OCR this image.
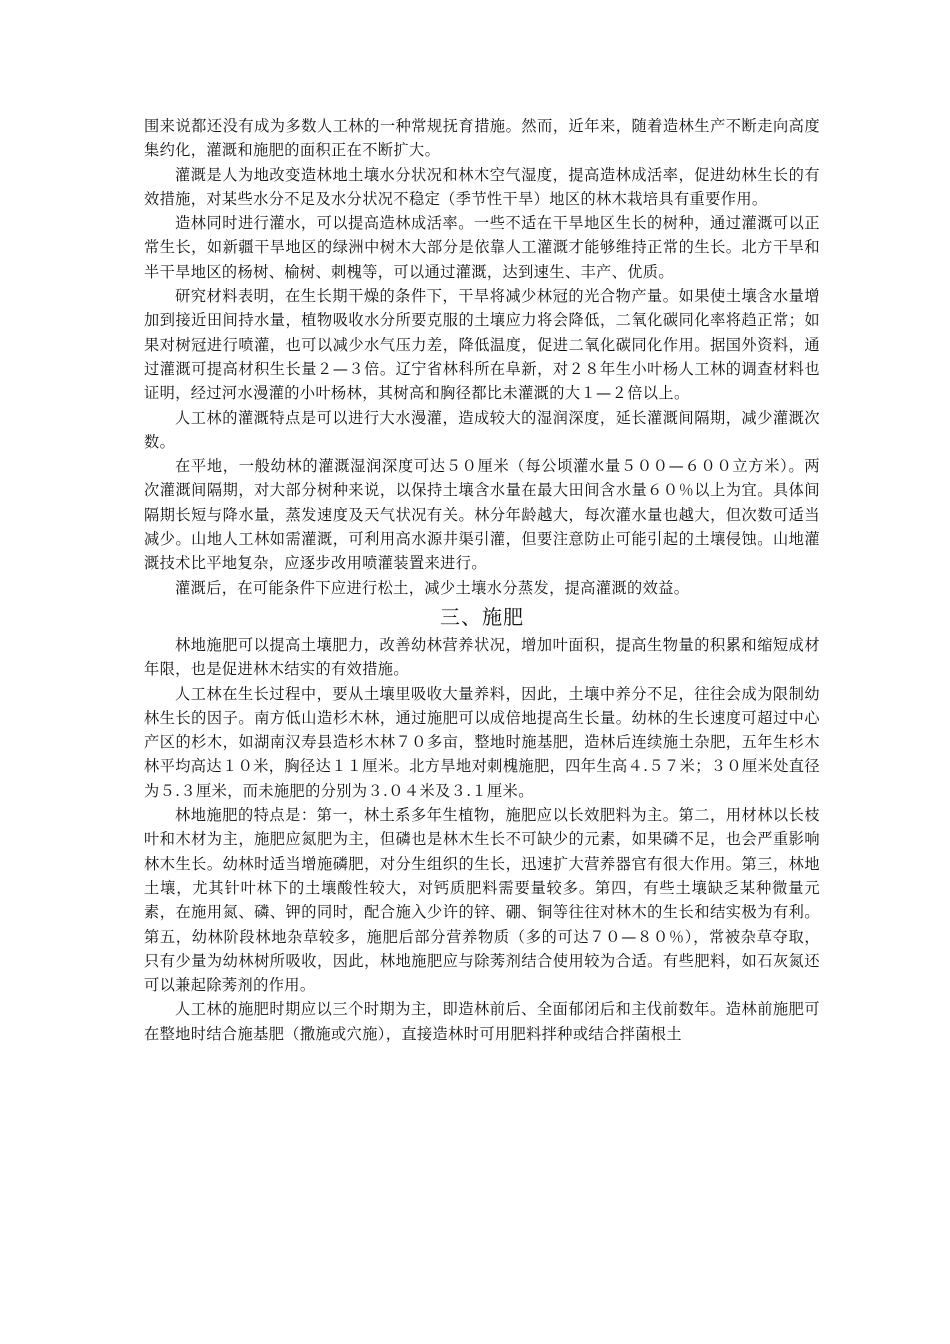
围来说都还没有成为多数人工林的一种常规抚育措施。然而，近年来，随着造林生产不断走向高度集约化，灌溉和施肥的面积正在不断扩大。

灌溉是人为地改变造林地土壤水分状况和林木空气湿度，提高造林成活率，促进幼林生长的有效措施，对某些水分不足及水分状况不稳定（季节性干旱）地区的林木栽培具有重要作用。

造林同时进行灌水，可以提高造林成活率。一些不适在干旱地区生长的树种，通过灌溉可以正常生长，如新疆干旱地区的绿洲中树木大部分是依靠人工灌溉才能够维持正常的生长。北方干旱和半干旱地区的杨树、榆树、刺槐等，可以通过灌溉，达到速生、丰产、优质。

研究材料表明，在生长期干燥的条件下，干旱将减少林冠的光合物产量。如果使土壤含水量增加到接近田间持水量，植物吸收水分所要克服的土壤应力将会降低，二氧化碳同化率将趋正常；如果对树冠进行喷灌，也可以减少水气压力差，降低温度，促进二氧化碳同化作用。据国外资料，通过灌溉可提高材积生长量２—３倍。辽宁省林科所在阜新，对２８年生小叶杨人工林的调查材料也证明，经过河水漫灌的小叶杨林，其树高和胸径都比未灌溉的大１—２倍以上。

人工林的灌溉特点是可以进行大水漫灌，造成较大的湿润深度，延长灌溉间隔期，减少灌溉次数。

在平地，一般幼林的灌溉湿润深度可达５０厘米（每公顷灌水量５００—６００立方米）。两次灌溉间隔期，对大部分树种来说，以保持土壤含水量在最大田间含水量６０％以上为宜。具体间隔期长短与降水量，蒸发速度及天气状况有关。林分年龄越大，每次灌水量也越大，但次数可适当减少。山地人工林如需灌溉，可利用高水源井渠引灌，但要注意防止可能引起的土壤侵蚀。山地灌溉技术比平地复杂，应逐步改用喷灌装置来进行。

灌溉后，在可能条件下应进行松土，减少土壤水分蒸发，提高灌溉的效益。

三、施肥

林地施肥可以提高土壤肥力，改善幼林营养状况，增加叶面积，提高生物量的积累和缩短成材年限，也是促进林木结实的有效措施。

人工林在生长过程中，要从土壤里吸收大量养料，因此，土壤中养分不足，往往会成为限制幼林生长的因子。南方低山造杉木林，通过施肥可以成倍地提高生长量。幼林的生长速度可超过中心产区的杉木，如湖南汉寿县造杉木林７０多亩，整地时施基肥，造林后连续施土杂肥，五年生杉木林平均高达１０米，胸径达１１厘米。北方旱地对刺槐施肥，四年生高４.５７米；３０厘米处直径为５.３厘米，而未施肥的分别为３.０４米及３.１厘米。

林地施肥的特点是：第一，林土系多年生植物，施肥应以长效肥料为主。第二，用材林以长枝叶和木材为主，施肥应氮肥为主，但磷也是林木生长不可缺少的元素，如果磷不足，也会严重影响林木生长。幼林时适当增施磷肥，对分生组织的生长，迅速扩大营养器官有很大作用。第三，林地土壤，尤其针叶林下的土壤酸性较大，对钙质肥料需要量较多。第四，有些土壤缺乏某种微量元素，在施用氮、磷、钾的同时，配合施入少许的锌、硼、铜等往往对林木的生长和结实极为有利。第五，幼林阶段林地杂草较多，施肥后部分营养物质（多的可达７０—８０％），常被杂草夺取，只有少量为幼林树所吸收，因此，林地施肥应与除莠剂结合使用较为合适。有些肥料，如石灰氮还可以兼起除莠剂的作用。

人工林的施肥时期应以三个时期为主，即造林前后、全面郁闭后和主伐前数年。造林前施肥可在整地时结合施基肥（撒施或穴施），直接造林时可用肥料拌种或结合拌菌根土
